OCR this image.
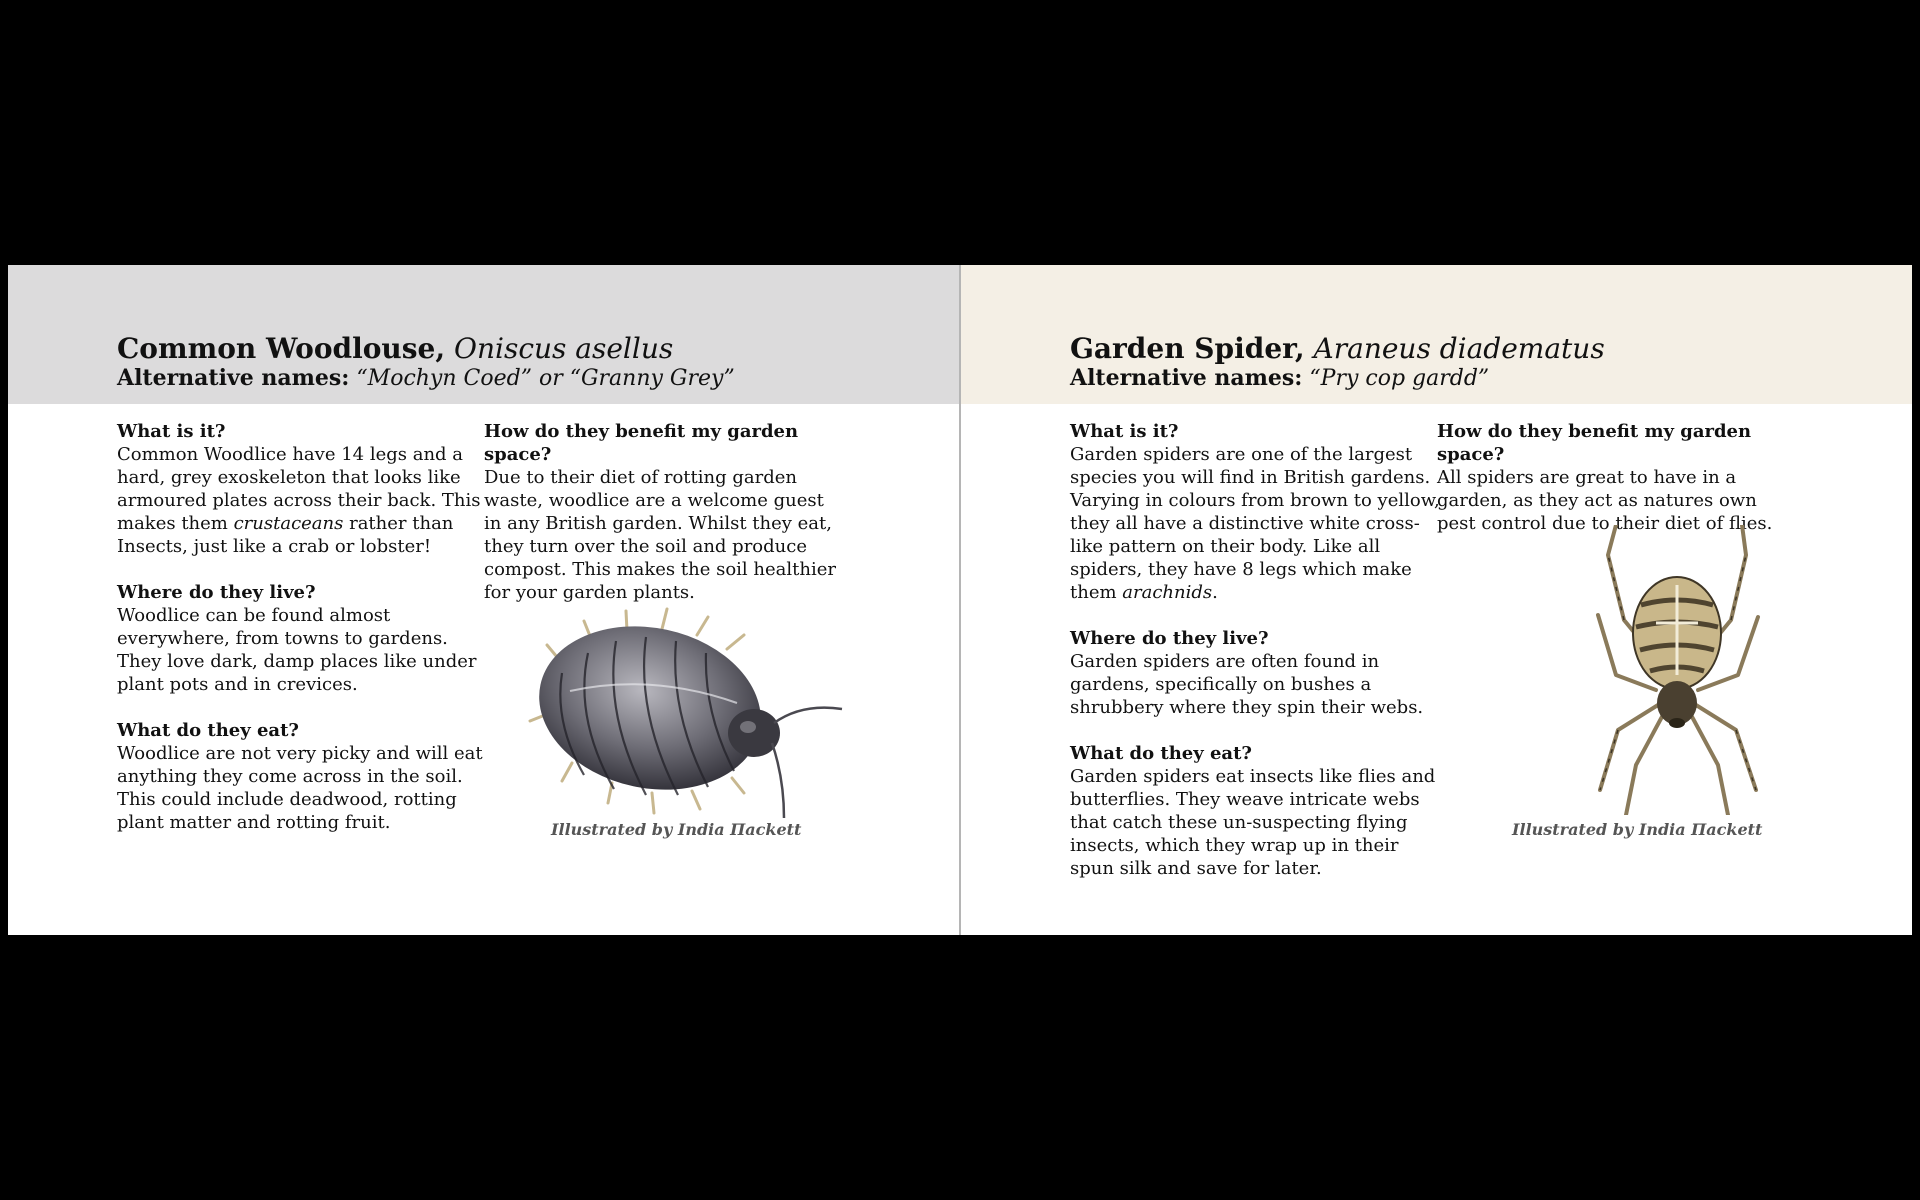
Common Woodlouse, Oniscus asellus
Alternative names: “Mochyn Coed” or “Granny Grey”
What is it?

Common Woodlice have 14 legs and a hard, grey exoskeleton that looks like armoured plates across their back. This makes them crustaceans rather than Insects, just like a crab or lobster!

Where do they live?

Woodlice can be found almost everywhere, from towns to gardens. They love dark, damp places like under plant pots and in crevices.

What do they eat?

Woodlice are not very picky and will eat anything they come across in the soil. This could include deadwood, rotting plant matter and rotting fruit.

How do they benefit my garden space?

Due to their diet of rotting garden waste, woodlice are a welcome guest in any British garden. Whilst they eat, they turn over the soil and produce compost. This makes the soil healthier for your garden plants.

Illustrated by India Пackett
Garden Spider, Araneus diadematus
Alternative names: “Pry cop gardd”
What is it?

Garden spiders are one of the largest species you will find in British gardens. Varying in colours from brown to yellow, they all have a distinctive white cross-like pattern on their body. Like all spiders, they have 8 legs which make them arachnids.

Where do they live?

Garden spiders are often found in gardens, specifically on bushes a shrubbery where they spin their webs.

What do they eat?

Garden spiders eat insects like flies and butterflies. They weave intricate webs that catch these un-suspecting flying insects, which they wrap up in their spun silk and save for later.

How do they benefit my garden space?

All spiders are great to have in a garden, as they act as natures own pest control due to their diet of flies.

Illustrated by India Пackett
